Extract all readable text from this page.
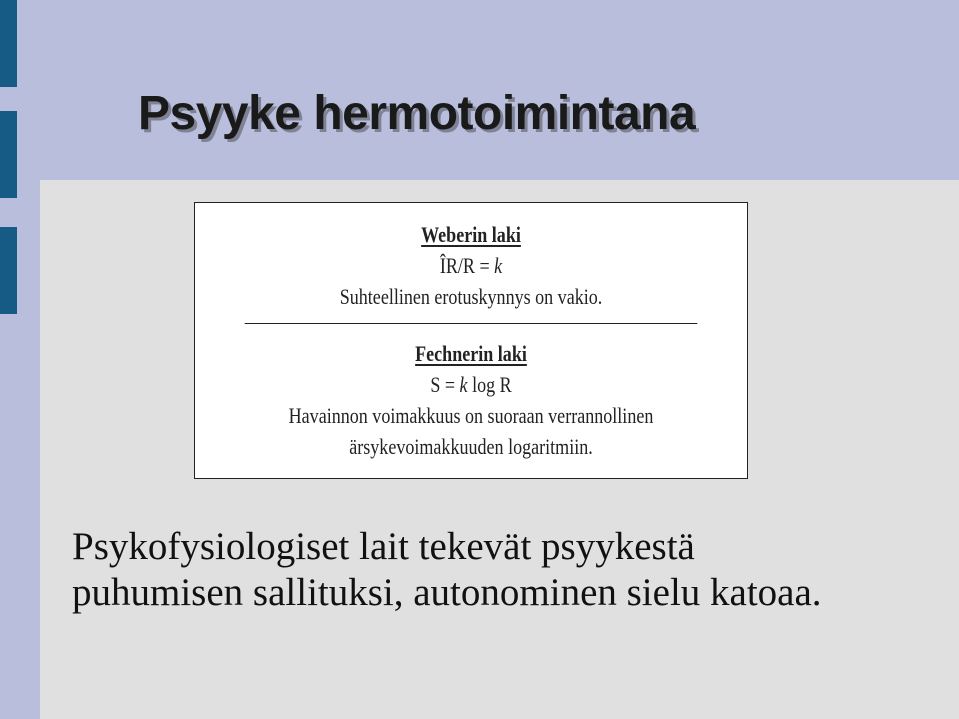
Psyyke hermotoimintana
Weberin laki
ÎR/R = k
Suhteellinen erotuskynnys on vakio.
Fechnerin laki
S = k log R
Havainnon voimakkuus on suoraan verrannollinen
ärsykevoimakkuuden logaritmiin.

Psykofysiologiset lait tekevät psyykestä
puhumisen sallituksi, autonominen sielu katoaa.
